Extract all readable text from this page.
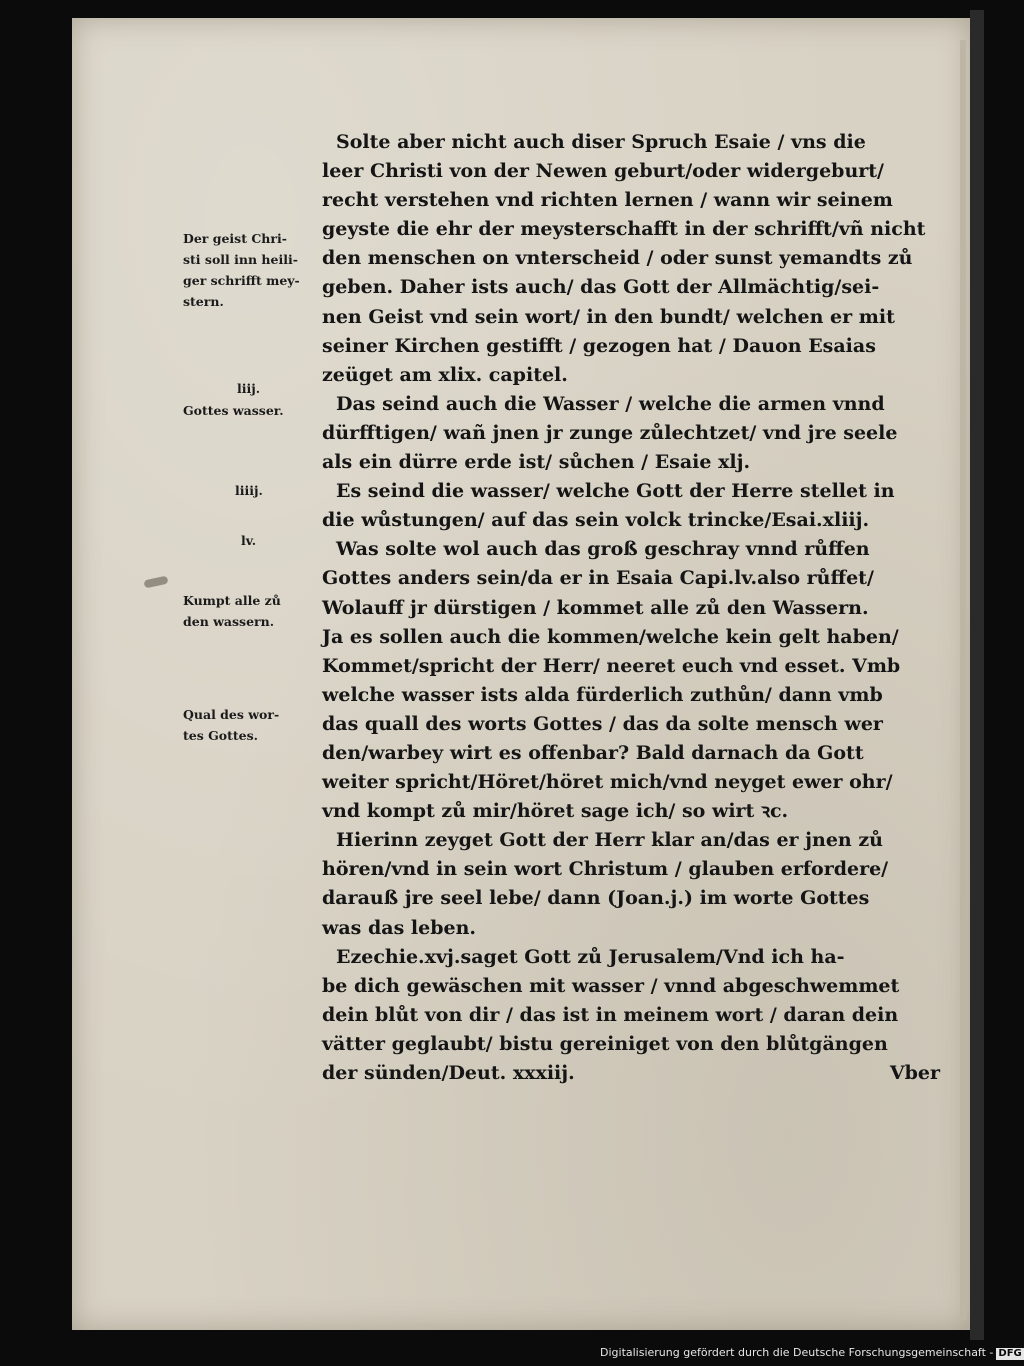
Solte aber nicht auch diser Spruch Esaie / vns die
leer Christi von der Newen geburt/oder widergeburt/
recht verstehen vnd richten lernen / wann wir seinem
geyste die ehr der meysterschafft in der schrifft/vñ nicht
den menschen on vnterscheid / oder sunst yemandts zů
geben. Daher ists auch/ das Gott der Allmächtig/sei-
nen Geist vnd sein wort/ in den bundt/ welchen er mit
seiner Kirchen gestifft / gezogen hat / Dauon Esaias
zeüget am xlix. capitel.
Das seind auch die Wasser / welche die armen vnnd
dürfftigen/ wañ jnen jr zunge zůlechtzet/ vnd jre seele
als ein dürre erde ist/ sůchen / Esaie xlj.
Es seind die wasser/ welche Gott der Herre stellet in
die wůstungen/ auf das sein volck trincke/Esai.xliij.
Was solte wol auch das groß geschray vnnd růffen
Gottes anders sein/da er in Esaia Capi.lv.also růffet/
Wolauff jr dürstigen / kommet alle zů den Wassern.
Ja es sollen auch die kommen/welche kein gelt haben/
Kommet/spricht der Herr/ neeret euch vnd esset. Vmb
welche wasser ists alda fürderlich zuthůn/ dann vmb
das quall des worts Gottes / das da solte mensch wer
den/warbey wirt es offenbar? Bald darnach da Gott
weiter spricht/Höret/höret mich/vnd neyget ewer ohr/
vnd kompt zů mir/höret sage ich/ so wirt ꝛc.
Hierinn zeyget Gott der Herr klar an/das er jnen zů
hören/vnd in sein wort Christum / glauben erfordere/
darauß jre seel lebe/ dann (Joan.j.) im worte Gottes
was das leben.
Ezechie.xvj.saget Gott zů Jerusalem/Vnd ich ha-
be dich gewäschen mit wasser / vnnd abgeschwemmet
dein blůt von dir / das ist in meinem wort / daran dein
vätter geglaubt/ bistu gereiniget von den blůtgängen
der sünden/Deut. xxxiij.	Vber
Der geist Chri-
sti soll inn heili-
ger schrifft mey-
stern.
liij.
Gottes wasser.
liiij.
lv.
Kumpt alle zů
den wassern.
Qual des wor-
tes Gottes.
Digitalisierung gefördert durch die Deutsche Forschungsgemeinschaft - DFG
